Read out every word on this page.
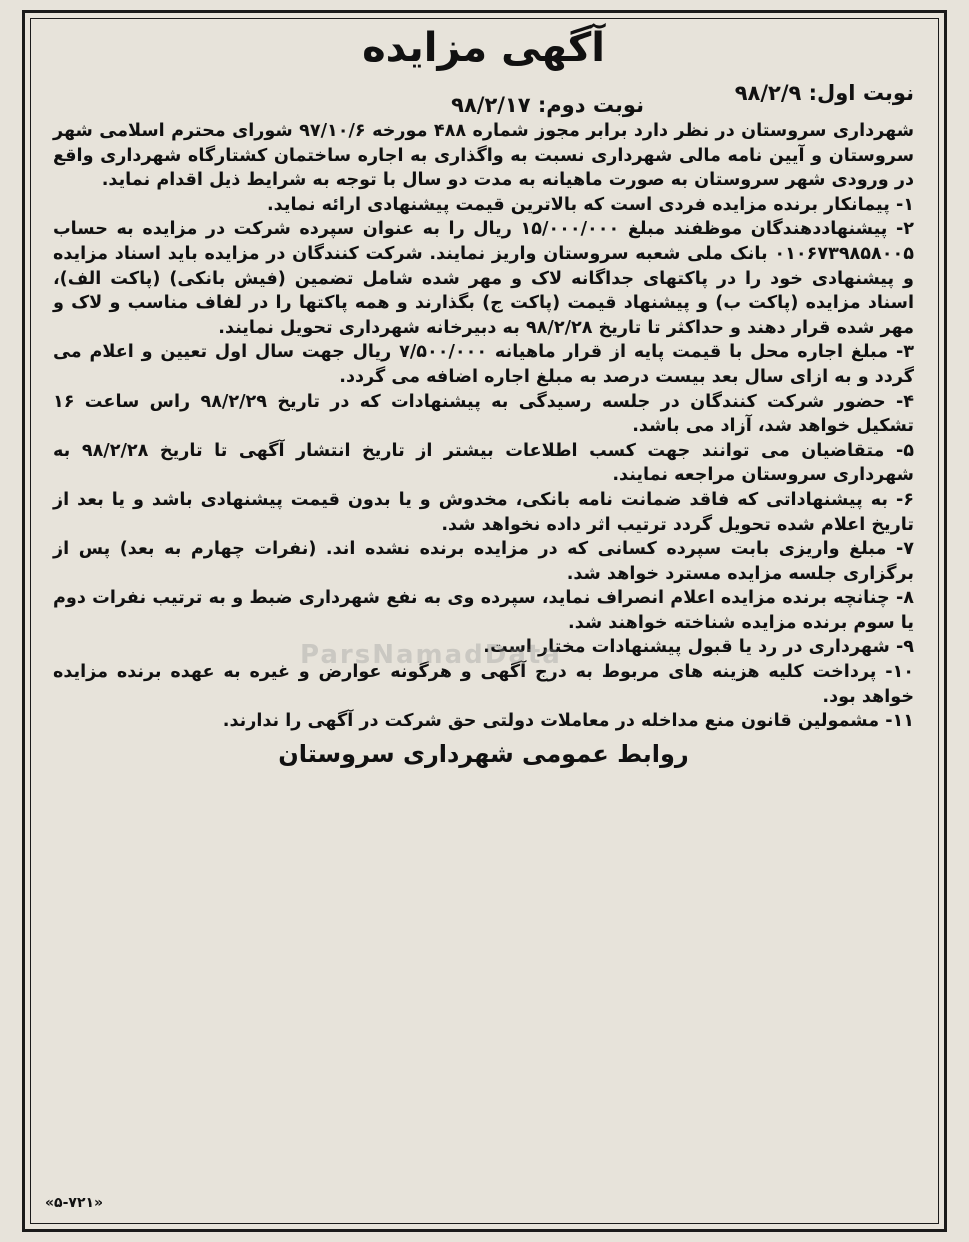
آگهی مزایده
نوبت اول: ۹۸/۲/۹
نوبت دوم: ۹۸/۲/۱۷

شهرداری سروستان در نظر دارد برابر مجوز شماره ۴۸۸ مورخه ۹۷/۱۰/۶ شورای محترم اسلامی شهر سروستان و آیین نامه مالی شهرداری نسبت به واگذاری به اجاره ساختمان کشتارگاه شهرداری واقع در ورودی شهر سروستان به صورت ماهیانه به مدت دو سال با توجه به شرایط ذیل اقدام نماید.

۱- پیمانکار برنده مزایده فردی است که بالاترین قیمت پیشنهادی ارائه نماید.

۲- پیشنهاددهندگان موظفند مبلغ ۱۵/۰۰۰/۰۰۰ ریال را به عنوان سپرده شرکت در مزایده به حساب ۰۱۰۶۷۳۹۸۵۸۰۰۵ بانک ملی شعبه سروستان واریز نمایند. شرکت کنندگان در مزایده باید اسناد مزایده و پیشنهادی خود را در پاکتهای جداگانه لاک و مهر شده شامل تضمین (فیش بانکی) (پاکت الف)، اسناد مزایده (پاکت ب) و پیشنهاد قیمت (پاکت ج) بگذارند و همه پاکتها را در لفاف مناسب و لاک و مهر شده قرار دهند و حداکثر تا تاریخ ۹۸/۲/۲۸ به دبیرخانه شهرداری تحویل نمایند.

۳- مبلغ اجاره محل با قیمت پایه از قرار ماهیانه ۷/۵۰۰/۰۰۰ ریال جهت سال اول تعیین و اعلام می گردد و به ازای سال بعد بیست درصد به مبلغ اجاره اضافه می گردد.

۴- حضور شرکت کنندگان در جلسه رسیدگی به پیشنهادات که در تاریخ ۹۸/۲/۲۹ راس ساعت ۱۶ تشکیل خواهد شد، آزاد می باشد.

۵- متقاضیان می توانند جهت کسب اطلاعات بیشتر از تاریخ انتشار آگهی تا تاریخ ۹۸/۲/۲۸ به شهرداری سروستان مراجعه نمایند.

۶- به پیشنهاداتی که فاقد ضمانت نامه بانکی، مخدوش و یا بدون قیمت پیشنهادی باشد و یا بعد از تاریخ اعلام شده تحویل گردد ترتیب اثر داده نخواهد شد.

۷- مبلغ واریزی بابت سپرده کسانی که در مزایده برنده نشده اند. (نفرات چهارم به بعد) پس از برگزاری جلسه مزایده مسترد خواهد شد.

۸- چنانچه برنده مزایده اعلام انصراف نماید، سپرده وی به نفع شهرداری ضبط و به ترتیب نفرات دوم یا سوم برنده مزایده شناخته خواهند شد.

۹- شهرداری در رد یا قبول پیشنهادات مختار است.

۱۰- پرداخت کلیه هزینه های مربوط به درج آگهی و هرگونه عوارض و غیره به عهده برنده مزایده خواهد بود.

۱۱- مشمولین قانون منع مداخله در معاملات دولتی حق شرکت در آگهی را ندارند.

روابط عمومی شهرداری سروستان
«۵-۷۲۱»
ParsNamadData
